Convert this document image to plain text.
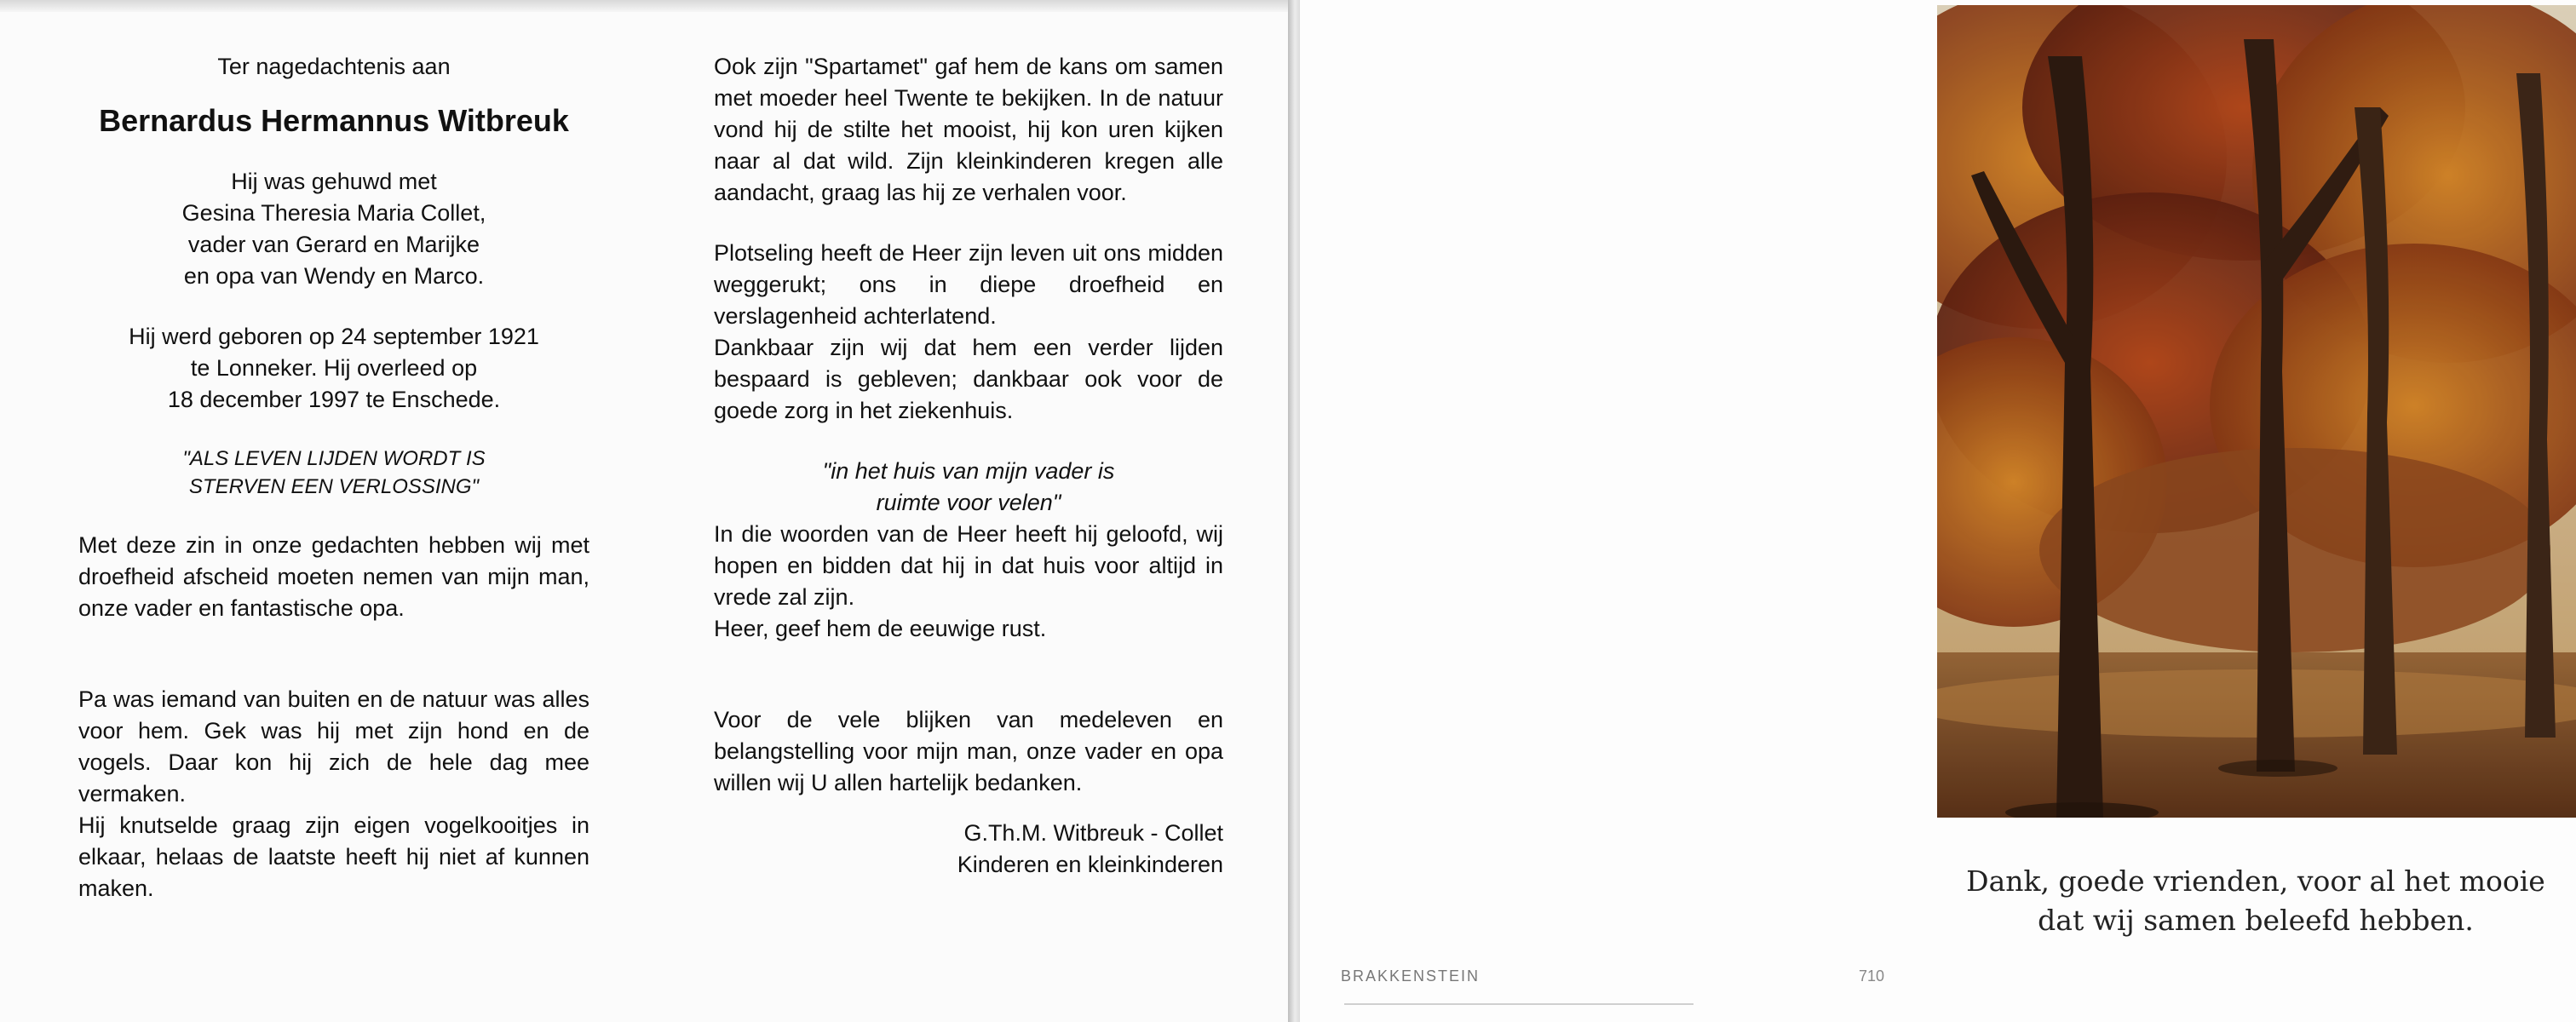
Ter nagedachtenis aan

Bernardus Hermannus Witbreuk

Hij was gehuwd met

Gesina Theresia Maria Collet,

vader van Gerard en Marijke

en opa van Wendy en Marco.

Hij werd geboren op 24 september 1921

te Lonneker. Hij overleed op

18 december 1997 te Enschede.

"ALS LEVEN LIJDEN WORDT IS

STERVEN EEN VERLOSSING"

Met deze zin in onze gedachten hebben wij met droefheid afscheid moeten nemen van mijn man, onze vader en fantastische opa.

Pa was iemand van buiten en de natuur was alles voor hem. Gek was hij met zijn hond en de vogels. Daar kon hij zich de hele dag mee vermaken.

Hij knutselde graag zijn eigen vogelkooitjes in elkaar, helaas de laatste heeft hij niet af kunnen maken.

Ook zijn "Spartamet" gaf hem de kans om samen met moeder heel Twente te bekijken. In de natuur vond hij de stilte het mooist, hij kon uren kijken naar al dat wild. Zijn kleinkinderen kregen alle aandacht, graag las hij ze verhalen voor.

Plotseling heeft de Heer zijn leven uit ons midden weggerukt; ons in diepe droefheid en verslagenheid achterlatend.

Dankbaar zijn wij dat hem een verder lijden bespaard is gebleven; dankbaar ook voor de goede zorg in het ziekenhuis.

"in het huis van mijn vader is

ruimte voor velen"

In die woorden van de Heer heeft hij geloofd, wij hopen en bidden dat hij in dat huis voor altijd in vrede zal zijn.

Heer, geef hem de eeuwige rust.

Voor de vele blijken van medeleven en belangstelling voor mijn man, onze vader en opa willen wij U allen hartelijk bedanken.

G.Th.M. Witbreuk - Collet

Kinderen en kleinkinderen	Dank, goede vrienden, voor al het mooie
dat wij samen beleefd hebben.
BRAKKENSTEIN	710
